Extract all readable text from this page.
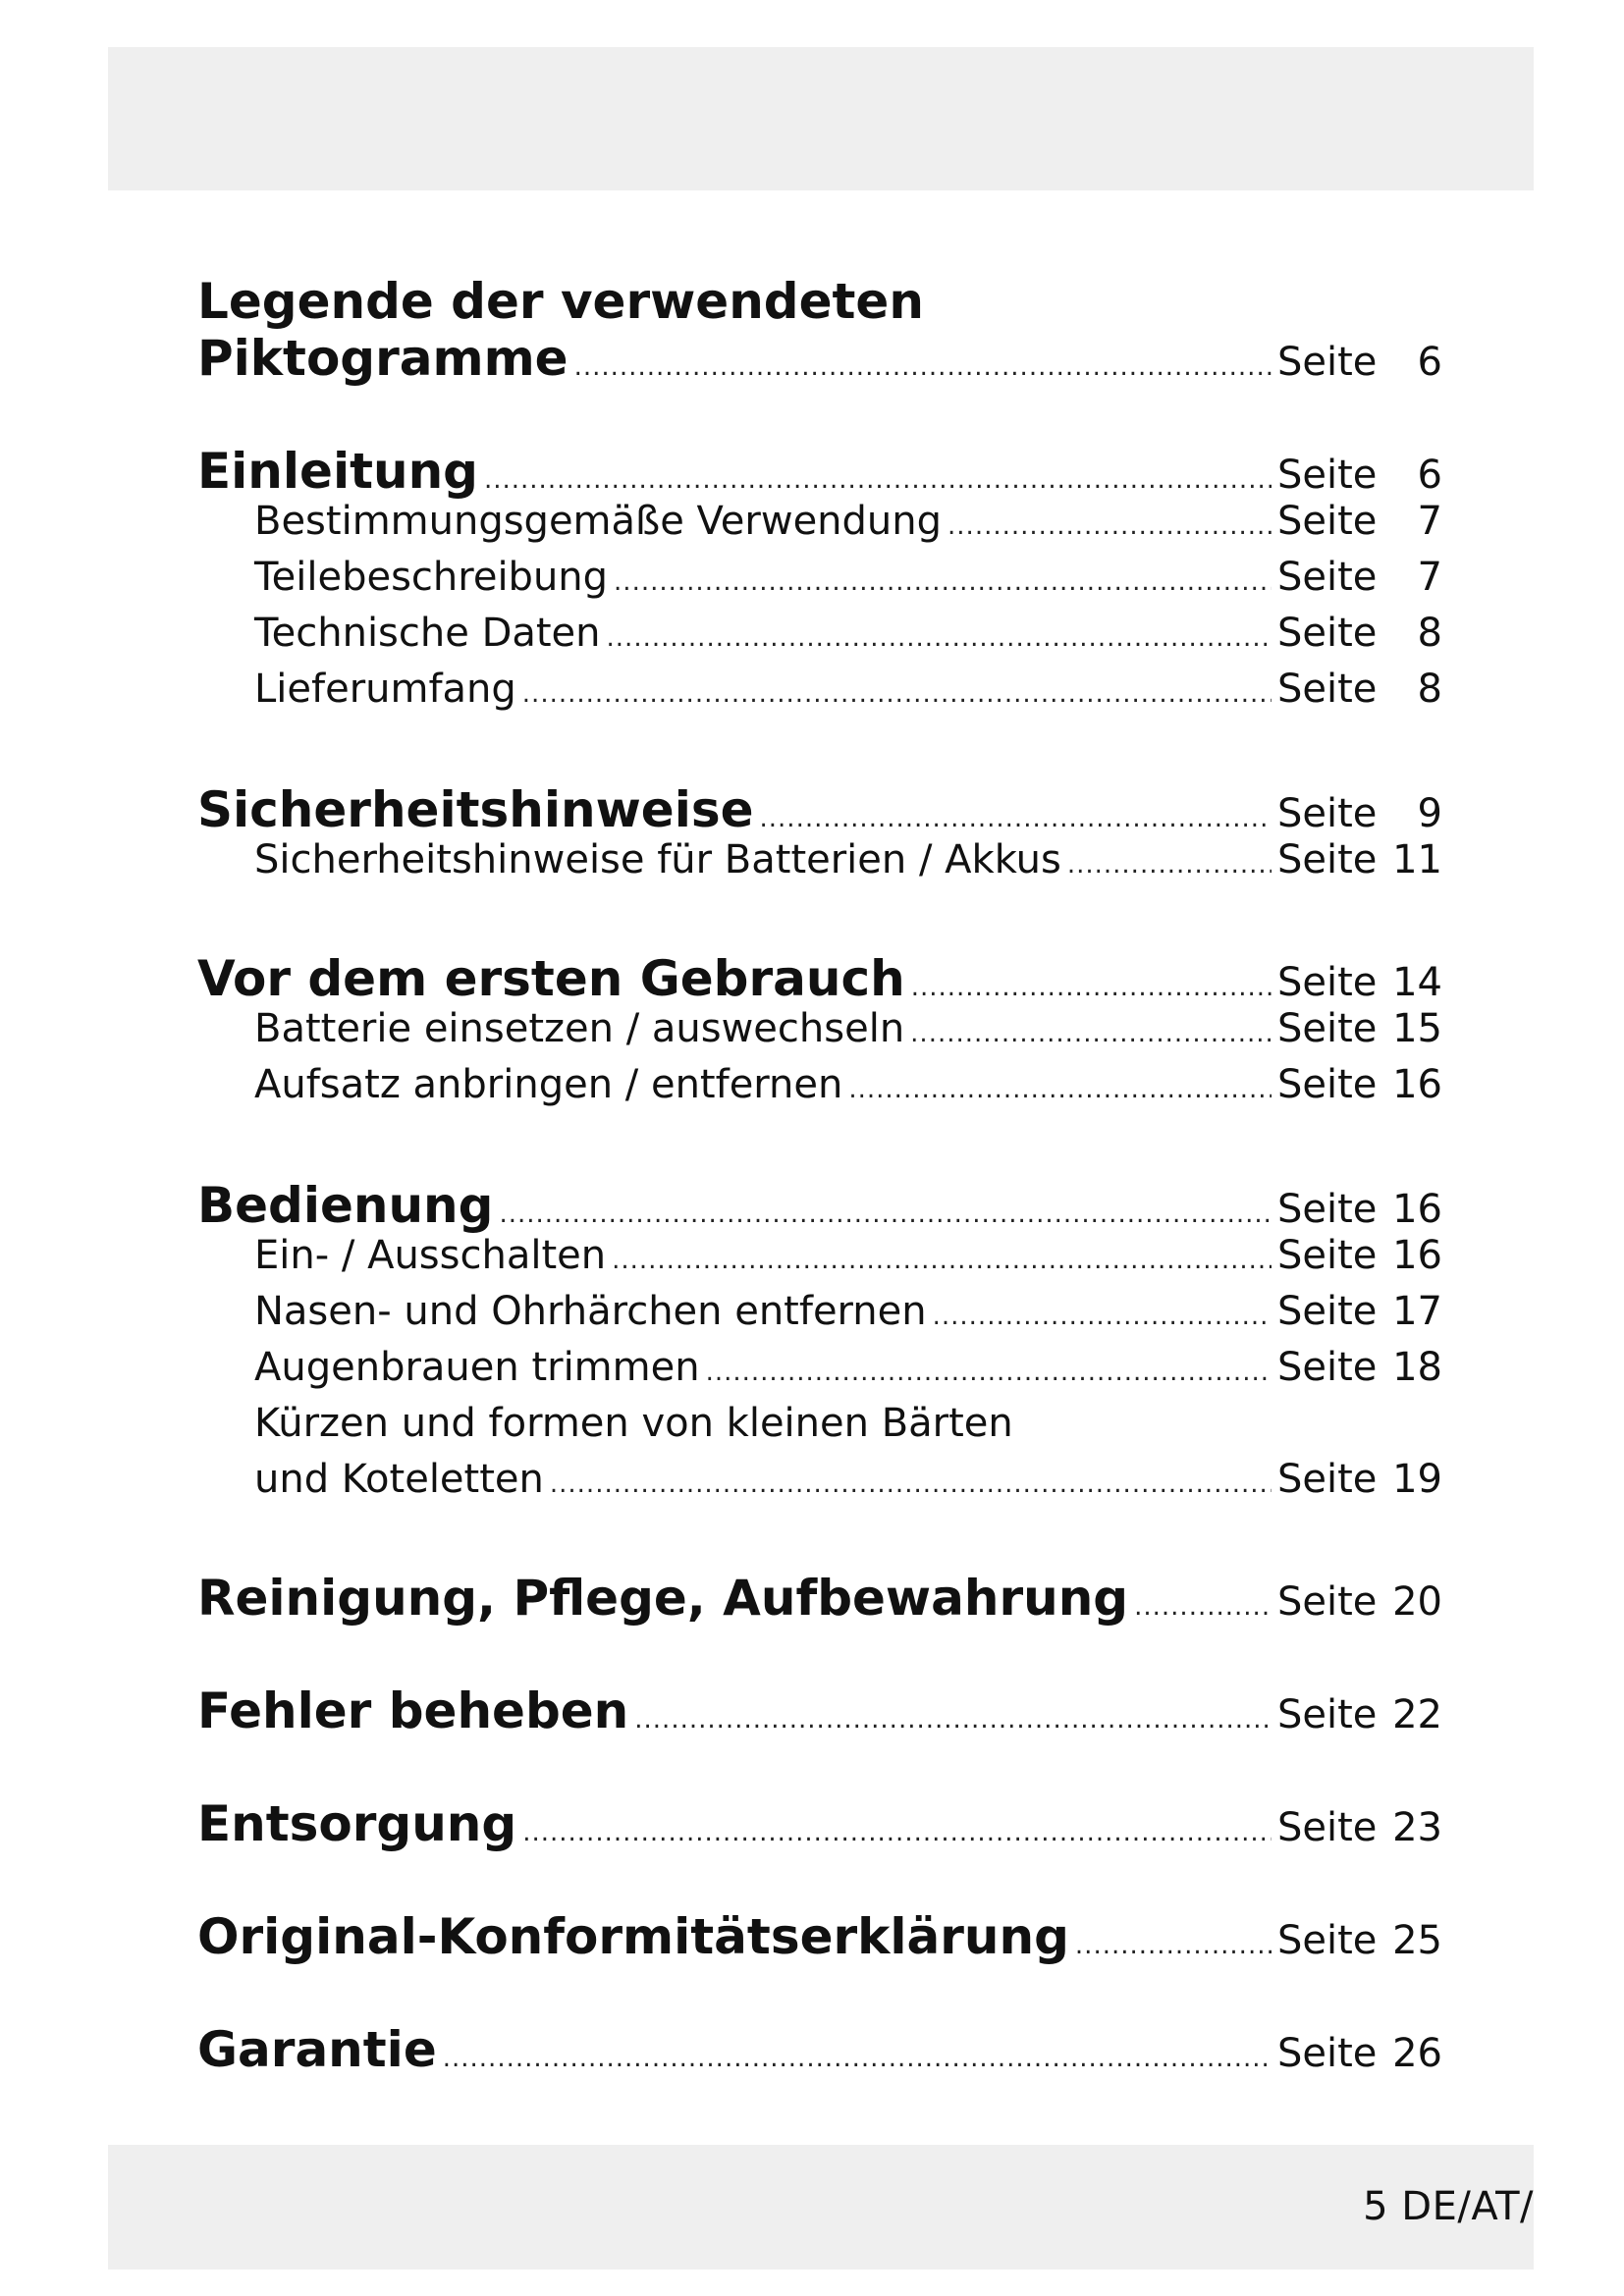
Legende der verwendeten
Piktogramme .....	Seite	6
Einleitung .....	Seite	6
Bestimmungsgemäße Verwendung .....	Seite	7
Teilebeschreibung .....	Seite	7
Technische Daten .....	Seite	8
Lieferumfang .....	Seite	8
Sicherheitshinweise .....	Seite	9
Sicherheitshinweise für Batterien / Akkus .....	Seite 11
Vor dem ersten Gebrauch .....	Seite 14
Batterie einsetzen / auswechseln .....	Seite 15
Aufsatz anbringen / entfernen .....	Seite 16
Bedienung .....	Seite 16
Ein- / Ausschalten .....	Seite 16
Nasen- und Ohrhärchen entfernen .....	Seite 17
Augenbrauen trimmen .....	Seite 18
Kürzen und formen von kleinen Bärten
und Koteletten .....	Seite 19
Reinigung, Pflege, Aufbewahrung .....	Seite 20
Fehler beheben .....	Seite 22
Entsorgung .....	Seite 23
Original-Konformitätserklärung .....	Seite 25
Garantie .....	Seite 26
5 DE/AT/
